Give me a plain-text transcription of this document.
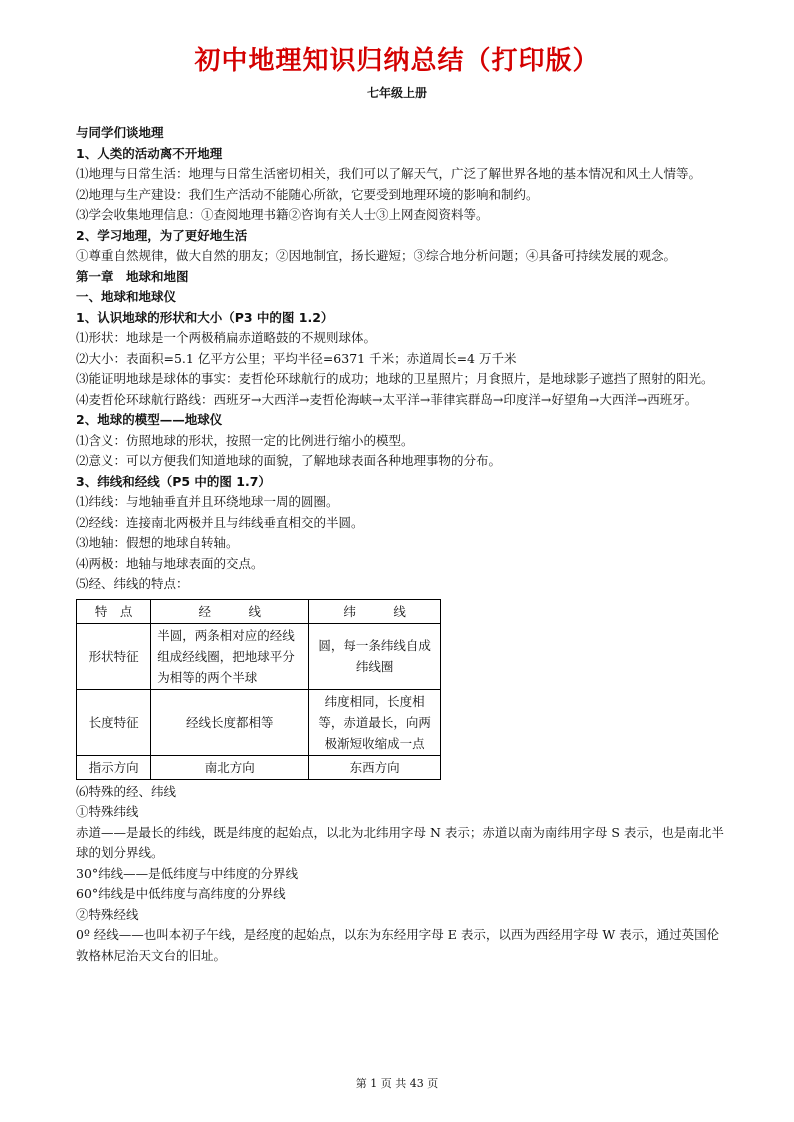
初中地理知识归纳总结（打印版）
七年级上册

与同学们谈地理

1、人类的活动离不开地理

⑴地理与日常生活：地理与日常生活密切相关，我们可以了解天气，广泛了解世界各地的基本情况和风土人情等。

⑵地理与生产建设：我们生产活动不能随心所欲，它要受到地理环境的影响和制约。

⑶学会收集地理信息：①查阅地理书籍②咨询有关人士③上网查阅资料等。

2、学习地理，为了更好地生活

①尊重自然规律，做大自然的朋友；②因地制宜，扬长避短；③综合地分析问题；④具备可持续发展的观念。

第一章　地球和地图

一、地球和地球仪

1、认识地球的形状和大小（P3 中的图 1.2）

⑴形状：地球是一个两极稍扁赤道略鼓的不规则球体。

⑵大小：表面积=5.1 亿平方公里；平均半径=6371 千米；赤道周长=4 万千米

⑶能证明地球是球体的事实：麦哲伦环球航行的成功；地球的卫星照片；月食照片，是地球影子遮挡了照射的阳光。

⑷麦哲伦环球航行路线：西班牙→大西洋→麦哲伦海峡→太平洋→菲律宾群岛→印度洋→好望角→大西洋→西班牙。

2、地球的模型——地球仪

⑴含义：仿照地球的形状，按照一定的比例进行缩小的模型。

⑵意义：可以方便我们知道地球的面貌，了解地球表面各种地理事物的分布。

3、纬线和经线（P5 中的图 1.7）

⑴纬线：与地轴垂直并且环绕地球一周的圆圈。

⑵经线：连接南北两极并且与纬线垂直相交的半圆。

⑶地轴：假想的地球自转轴。

⑷两极：地轴与地球表面的交点。

⑸经、纬线的特点：

特　点	经　　　线	纬　　　线
形状特征	半圆，两条相对应的经线组成经线圈，把地球平分为相等的两个半球	圆，每一条纬线自成纬线圈
长度特征	经线长度都相等	纬度相同，长度相等，赤道最长，向两极渐短收缩成一点
指示方向	南北方向	东西方向

⑹特殊的经、纬线

①特殊纬线

赤道——是最长的纬线，既是纬度的起始点，以北为北纬用字母 N 表示；赤道以南为南纬用字母 S 表示，也是南北半球的划分界线。

30°纬线——是低纬度与中纬度的分界线

60°纬线是中低纬度与高纬度的分界线

②特殊经线

0º 经线——也叫本初子午线，是经度的起始点，以东为东经用字母 E 表示，以西为西经用字母 W 表示，通过英国伦敦格林尼治天文台的旧址。

第 1 页 共 43 页
